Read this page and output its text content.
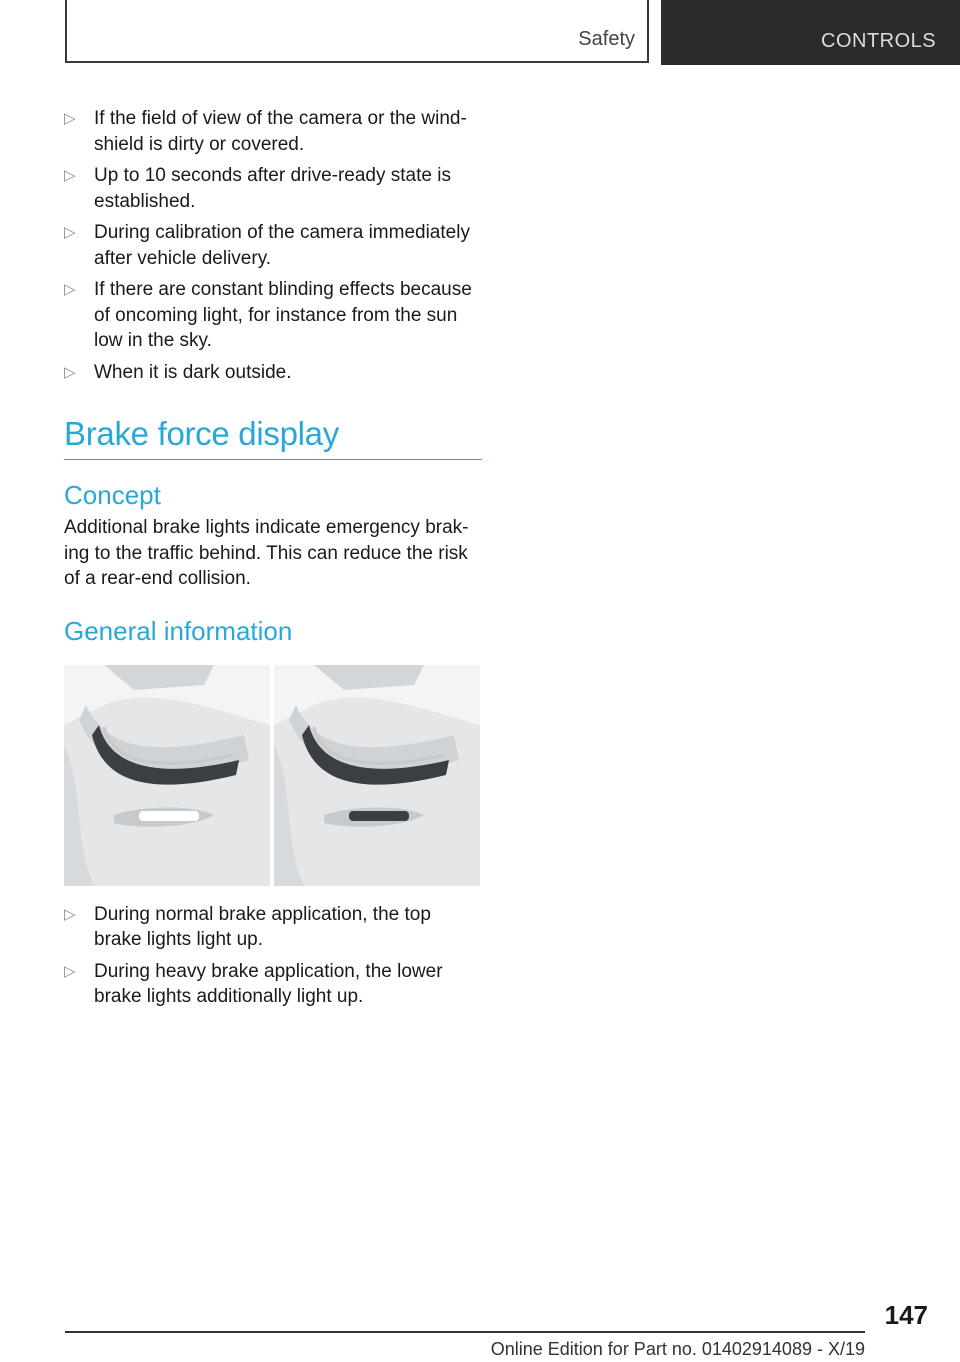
Safety	CONTROLS
▷ If the field of view of the camera or the wind-shield is dirty or covered.
▷ Up to 10 seconds after drive-ready state is established.
▷ During calibration of the camera immediately after vehicle delivery.
▷ If there are constant blinding effects because of oncoming light, for instance from the sun low in the sky.
▷ When it is dark outside.
Brake force display
Concept
Additional brake lights indicate emergency brak-ing to the traffic behind. This can reduce the risk of a rear-end collision.
General information
▷ During normal brake application, the top brake lights light up.
▷ During heavy brake application, the lower brake lights additionally light up.
147
Online Edition for Part no. 01402914089 - X/19
